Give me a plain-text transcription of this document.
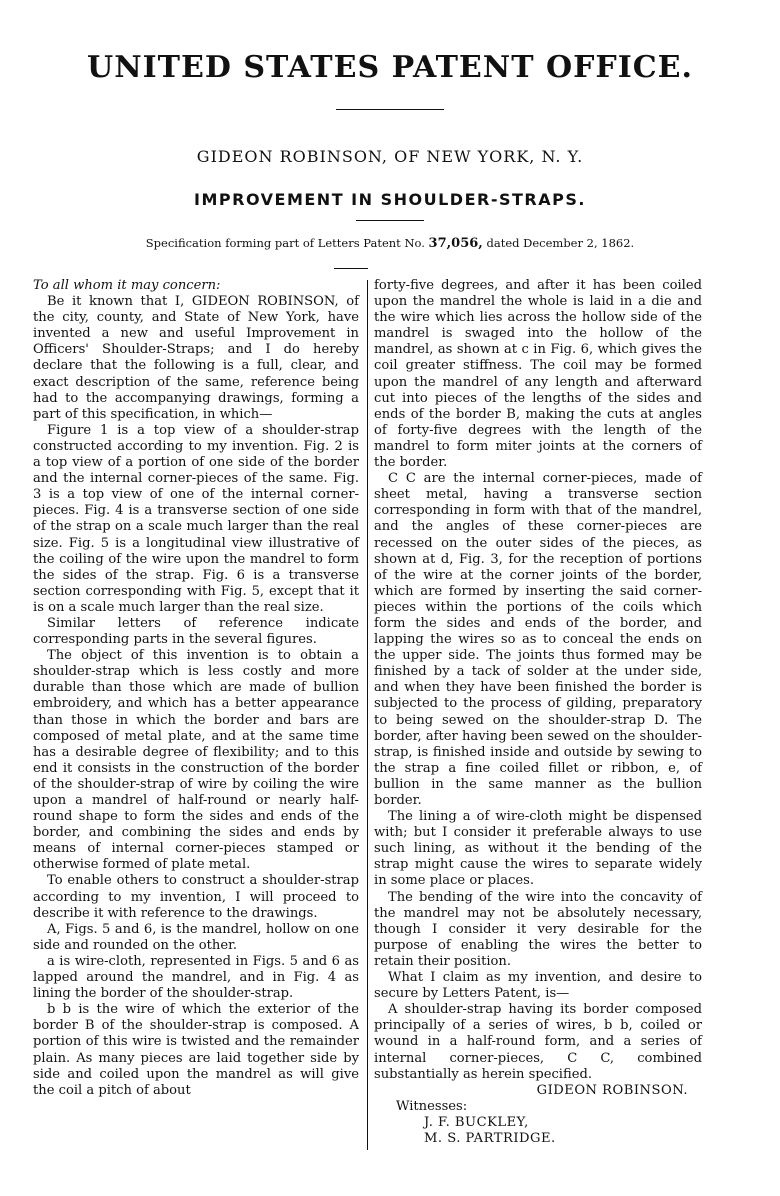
UNITED STATES PATENT OFFICE.
GIDEON ROBINSON, OF NEW YORK, N. Y.
IMPROVEMENT IN SHOULDER-STRAPS.
Specification forming part of Letters Patent No. 37,056, dated December 2, 1862.

To all whom it may concern:

Be it known that I, GIDEON ROBINSON, of the city, county, and State of New York, have invented a new and useful Improvement in Officers' Shoulder-Straps; and I do hereby declare that the following is a full, clear, and exact description of the same, reference being had to the accompanying drawings, forming a part of this specification, in which—

Figure 1 is a top view of a shoulder-strap constructed according to my invention. Fig. 2 is a top view of a portion of one side of the border and the internal corner-pieces of the same. Fig. 3 is a top view of one of the internal corner-pieces. Fig. 4 is a transverse section of one side of the strap on a scale much larger than the real size. Fig. 5 is a longitudinal view illustrative of the coiling of the wire upon the mandrel to form the sides of the strap. Fig. 6 is a transverse section corresponding with Fig. 5, except that it is on a scale much larger than the real size.

Similar letters of reference indicate corresponding parts in the several figures.

The object of this invention is to obtain a shoulder-strap which is less costly and more durable than those which are made of bullion embroidery, and which has a better appearance than those in which the border and bars are composed of metal plate, and at the same time has a desirable degree of flexibility; and to this end it consists in the construction of the border of the shoulder-strap of wire by coiling the wire upon a mandrel of half-round or nearly half-round shape to form the sides and ends of the border, and combining the sides and ends by means of internal corner-pieces stamped or otherwise formed of plate metal.

To enable others to construct a shoulder-strap according to my invention, I will proceed to describe it with reference to the drawings.

A, Figs. 5 and 6, is the mandrel, hollow on one side and rounded on the other.

a is wire-cloth, represented in Figs. 5 and 6 as lapped around the mandrel, and in Fig. 4 as lining the border of the shoulder-strap.

b b is the wire of which the exterior of the border B of the shoulder-strap is composed. A portion of this wire is twisted and the remainder plain. As many pieces are laid together side by side and coiled upon the mandrel as will give the coil a pitch of about

forty-five degrees, and after it has been coiled upon the mandrel the whole is laid in a die and the wire which lies across the hollow side of the mandrel is swaged into the hollow of the mandrel, as shown at c in Fig. 6, which gives the coil greater stiffness. The coil may be formed upon the mandrel of any length and afterward cut into pieces of the lengths of the sides and ends of the border B, making the cuts at angles of forty-five degrees with the length of the mandrel to form miter joints at the corners of the border.

C C are the internal corner-pieces, made of sheet metal, having a transverse section corresponding in form with that of the mandrel, and the angles of these corner-pieces are recessed on the outer sides of the pieces, as shown at d, Fig. 3, for the reception of portions of the wire at the corner joints of the border, which are formed by inserting the said corner-pieces within the portions of the coils which form the sides and ends of the border, and lapping the wires so as to conceal the ends on the upper side. The joints thus formed may be finished by a tack of solder at the under side, and when they have been finished the border is subjected to the process of gilding, preparatory to being sewed on the shoulder-strap D. The border, after having been sewed on the shoulder-strap, is finished inside and outside by sewing to the strap a fine coiled fillet or ribbon, e, of bullion in the same manner as the bullion border.

The lining a of wire-cloth might be dispensed with; but I consider it preferable always to use such lining, as without it the bending of the strap might cause the wires to separate widely in some place or places.

The bending of the wire into the concavity of the mandrel may not be absolutely necessary, though I consider it very desirable for the purpose of enabling the wires the better to retain their position.

What I claim as my invention, and desire to secure by Letters Patent, is—

A shoulder-strap having its border composed principally of a series of wires, b b, coiled or wound in a half-round form, and a series of internal corner-pieces, C C, combined substantially as herein specified.

GIDEON ROBINSON.
Witnesses:
J. F. BUCKLEY,
M. S. PARTRIDGE.
